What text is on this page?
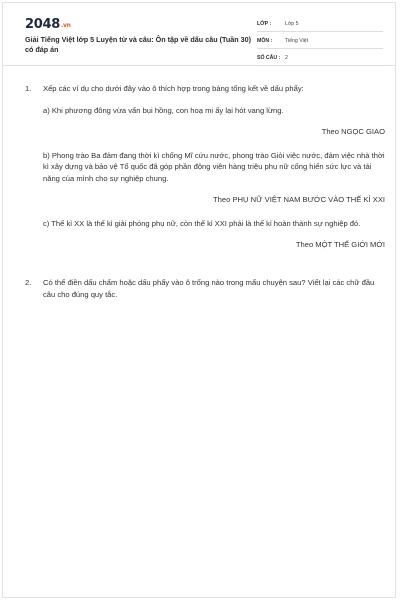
2048.vn
Giải Tiếng Việt lớp 5 Luyện từ và câu: Ôn tập về dấu câu (Tuần 30) có đáp án
LỚP :	Lớp 5
MÔN : Tiếng Việt
SỐ CÂU : 2
1. Xếp các ví dụ cho dưới đây vào ô thích hợp trong bảng tổng kết về dấu phẩy:

a) Khi phương đông vừa vẩn bụi hồng, con hoạ mi ấy lại hót vang lừng.

Theo NGỌC GIAO

b) Phong trào Ba đảm đang thời kì chống Mĩ cứu nước, phong trào Giỏi việc nước, đảm việc nhà thời kì xây dựng và bảo vệ Tổ quốc đã góp phần động viên hàng triệu phụ nữ cống hiến sức lực và tài năng của mình cho sự nghiệp chung.

Theo PHỤ NỮ VIỆT NAM BƯỚC VÀO THẾ KỈ XXI

c) Thế kỉ XX là thế kỉ giải phóng phụ nữ, còn thế kỉ XXI phải là thế kỉ hoàn thành sự nghiệp đó.

Theo MỘT THẾ GIỚI MỚI

2. Có thể điền dấu chấm hoặc dấu phẩy vào ô trống nào trong mẩu chuyện sau? Viết lại các chữ đầu câu cho đúng quy tắc.
